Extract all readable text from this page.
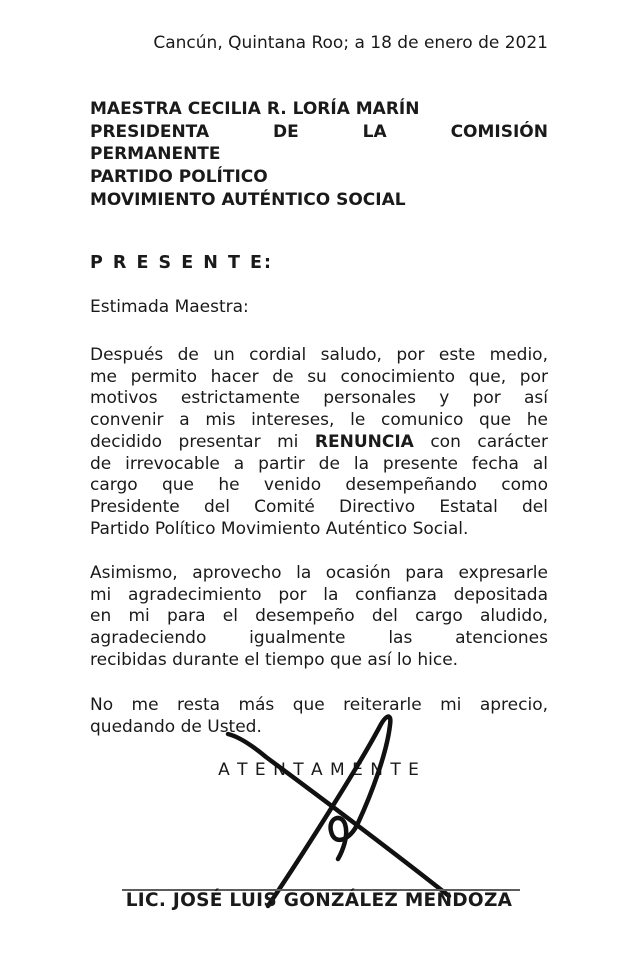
Cancún, Quintana Roo; a 18 de enero de 2021
MAESTRA CECILIA R. LORÍA MARÍN
PRESIDENTA DE LA COMISIÓN
PERMANENTE
PARTIDO POLÍTICO
MOVIMIENTO AUTÉNTICO SOCIAL
P R E S E N T E:
Estimada Maestra:
Después de un cordial saludo, por este medio,
me permito hacer de su conocimiento que, por
motivos estrictamente personales y por así
convenir a mis intereses, le comunico que he
decidido presentar mi RENUNCIA con carácter
de irrevocable a partir de la presente fecha al
cargo que he venido desempeñando como
Presidente del Comité Directivo Estatal del
Partido Político Movimiento Auténtico Social.
Asimismo, aprovecho la ocasión para expresarle
mi agradecimiento por la confianza depositada
en mi para el desempeño del cargo aludido,
agradeciendo igualmente las atenciones
recibidas durante el tiempo que así lo hice.
No me resta más que reiterarle mi aprecio,
quedando de Usted.
A T E N T A M E N T E
LIC. JOSÉ LUIS GONZÁLEZ MENDOZA
